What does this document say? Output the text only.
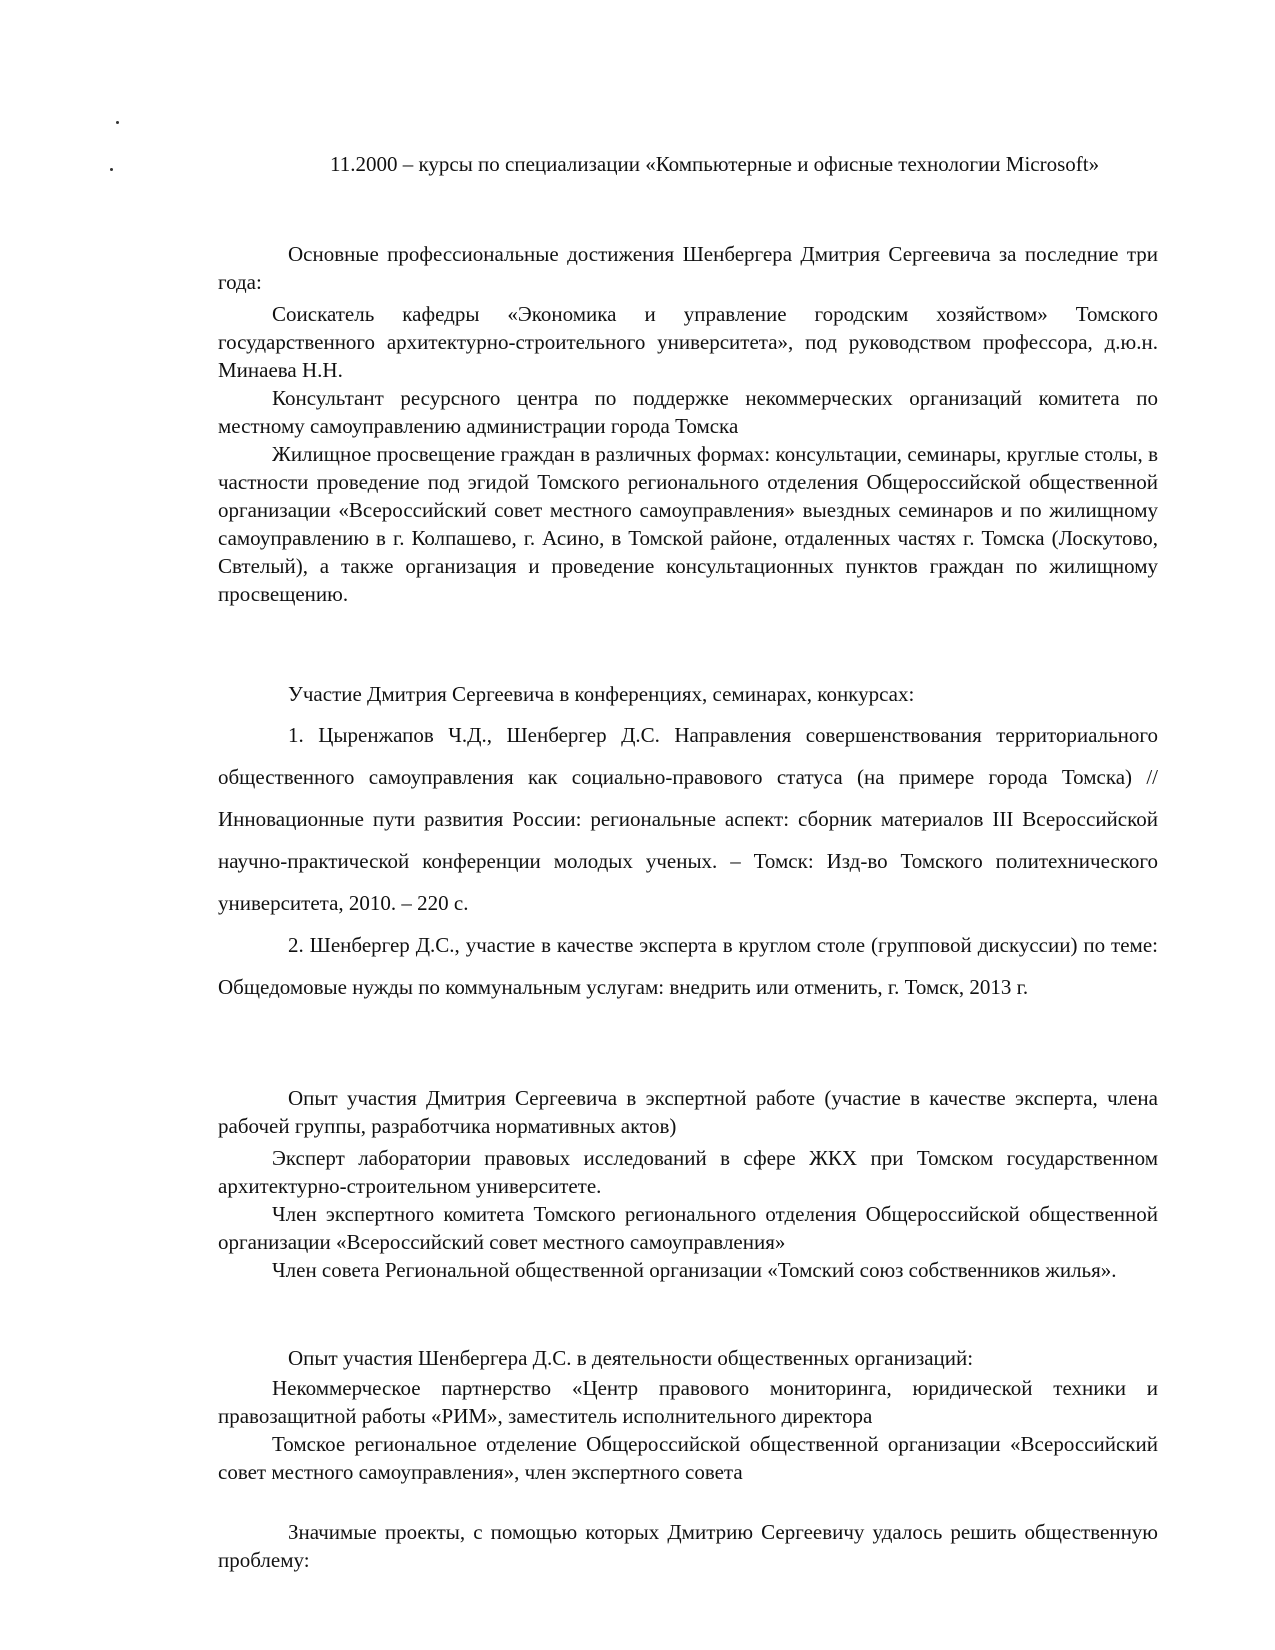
11.2000 – курсы по специализации «Компьютерные и офисные технологии Microsoft»

Основные профессиональные достижения Шенбергера Дмитрия Сергеевича за последние три года:

Соискатель кафедры «Экономика и управление городским хозяйством» Томского государственного архитектурно-строительного университета», под руководством профессора, д.ю.н. Минаева Н.Н.

Консультант ресурсного центра по поддержке некоммерческих организаций комитета по местному самоуправлению администрации города Томска

Жилищное просвещение граждан в различных формах: консультации, семинары, круглые столы, в частности проведение под эгидой Томского регионального отделения Общероссийской общественной организации «Всероссийский совет местного самоуправления» выездных семинаров и по жилищному самоуправлению в г. Колпашево, г. Асино, в Томской районе, отдаленных частях г. Томска (Лоскутово, Свтелый), а также организация и проведение консультационных пунктов граждан по жилищному просвещению.

Участие Дмитрия Сергеевича в конференциях, семинарах, конкурсах:

1. Цыренжапов Ч.Д., Шенбергер Д.С. Направления совершенствования территориального общественного самоуправления как социально-правового статуса (на примере города Томска) // Инновационные пути развития России: региональные аспект: сборник материалов III Всероссийской научно-практической конференции молодых ученых. – Томск: Изд-во Томского политехнического университета, 2010. – 220 с.

2. Шенбергер Д.С., участие в качестве эксперта в круглом столе (групповой дискуссии) по теме: Общедомовые нужды по коммунальным услугам: внедрить или отменить, г. Томск, 2013 г.

Опыт участия Дмитрия Сергеевича в экспертной работе (участие в качестве эксперта, члена рабочей группы, разработчика нормативных актов)

Эксперт лаборатории правовых исследований в сфере ЖКХ при Томском государственном архитектурно-строительном университете.

Член экспертного комитета Томского регионального отделения Общероссийской общественной организации «Всероссийский совет местного самоуправления»

Член совета Региональной общественной организации «Томский союз собственников жилья».

Опыт участия Шенбергера Д.С. в деятельности общественных организаций:

Некоммерческое партнерство «Центр правового мониторинга, юридической техники и правозащитной работы «РИМ», заместитель исполнительного директора

Томское региональное отделение Общероссийской общественной организации «Всероссийский совет местного самоуправления», член экспертного совета

Значимые проекты, с помощью которых Дмитрию Сергеевичу удалось решить общественную проблему:
